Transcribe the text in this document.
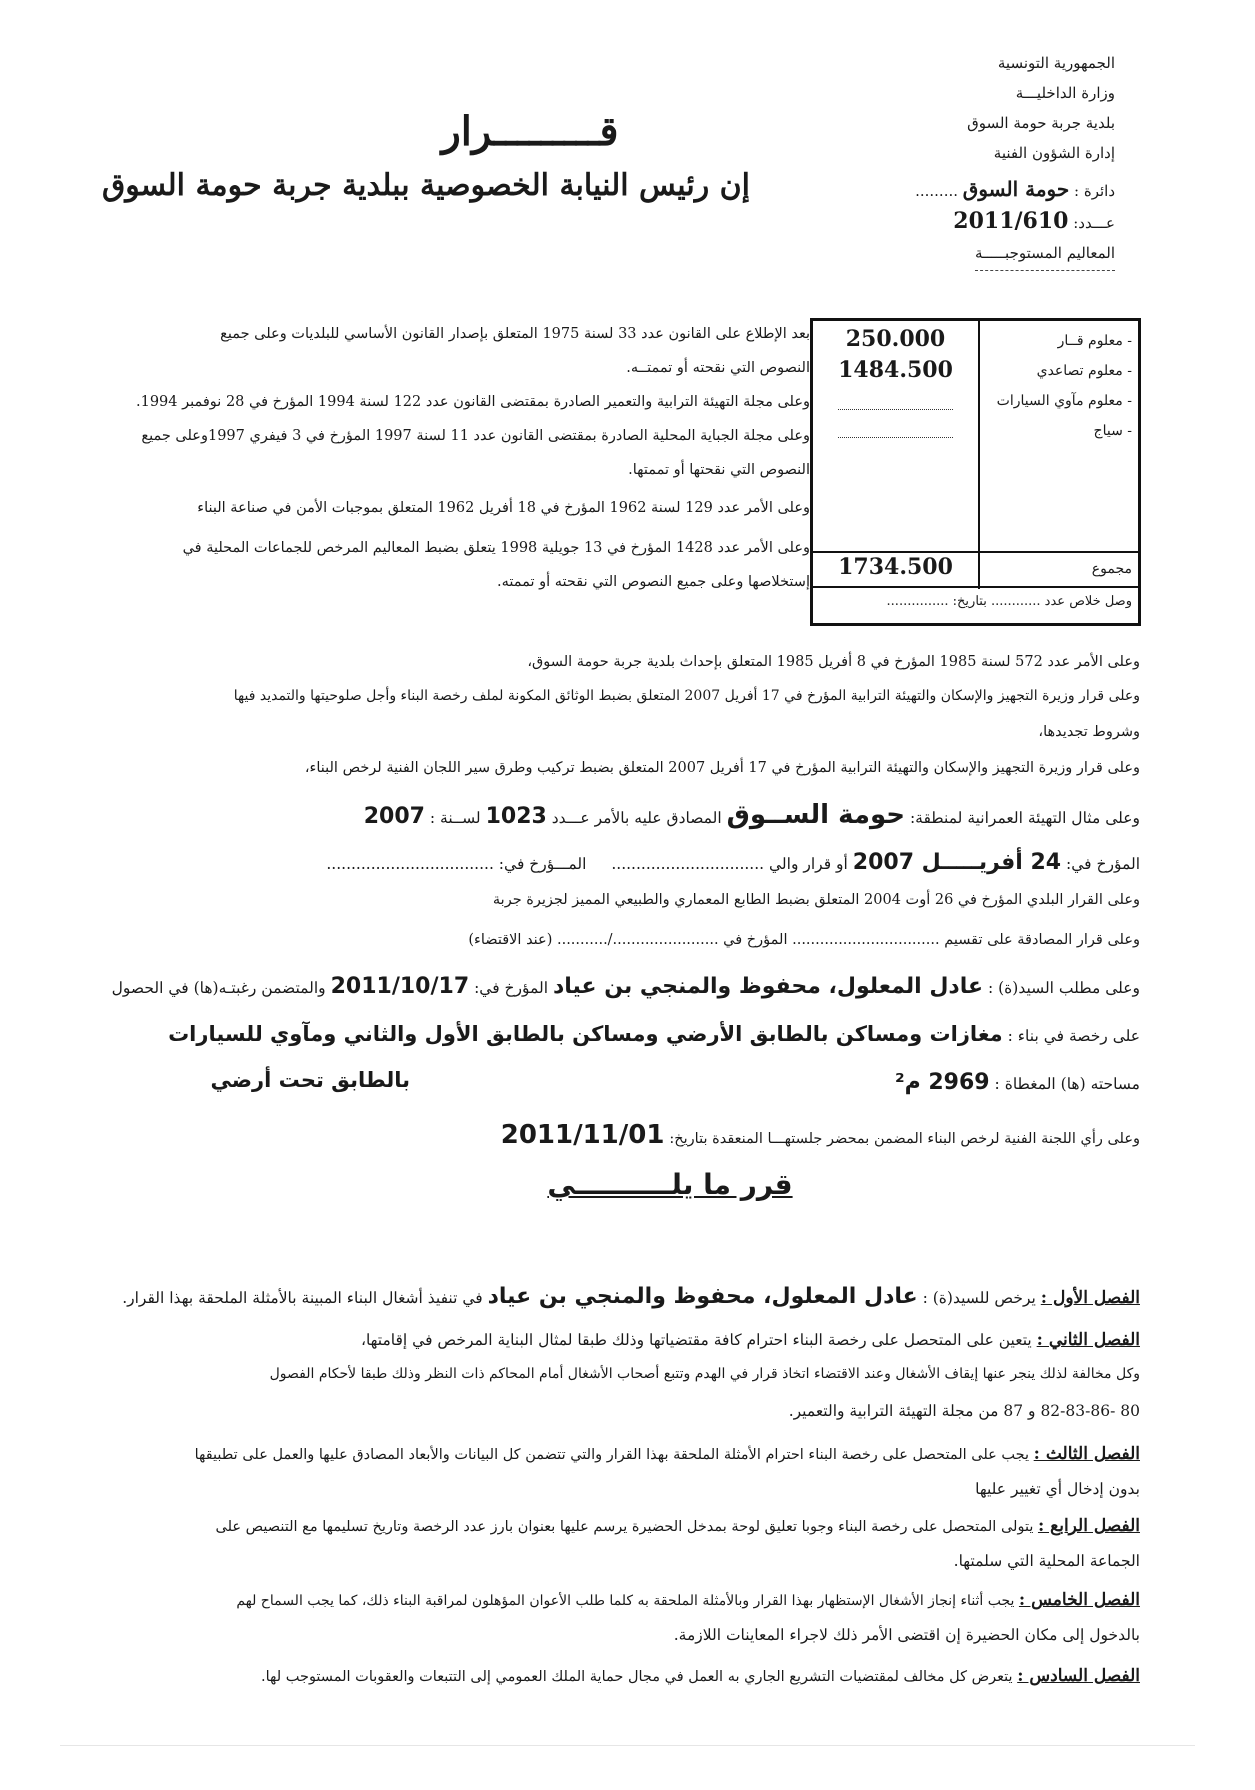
الجمهورية التونسية
وزارة الداخليـــة
بلدية جربة حومة السوق
إدارة الشؤون الفنية
دائرة : حومة السوق .........
عـــدد: 2011/610
المعاليم المستوجبـــــة
قـــــــــرار
إن رئيس النيابة الخصوصية ببلدية جربة حومة السوق
- معلوم قــار
250.000
- معلوم تصاعدي
1484.500
- معلوم مآوي السيارات
- سياج
مجموع
1734.500
وصل خلاص عدد ............ بتاريخ: ...............
بعد الإطلاع على القانون عدد 33 لسنة 1975 المتعلق بإصدار القانون الأساسي للبلديات وعلى جميع
النصوص التي نقحته أو تممتــه.
وعلى مجلة التهيئة الترابية والتعمير الصادرة بمقتضى القانون عدد 122 لسنة 1994 المؤرخ في 28 نوفمبر 1994.
وعلى مجلة الجباية المحلية الصادرة بمقتضى القانون عدد 11 لسنة 1997 المؤرخ في 3 فيفري 1997وعلى جميع
النصوص التي نقحتها أو تممتها.
وعلى الأمر عدد 129 لسنة 1962 المؤرخ في 18 أفريل 1962 المتعلق بموجبات الأمن في صناعة البناء
وعلى الأمر عدد 1428 المؤرخ في 13 جويلية 1998 يتعلق بضبط المعاليم المرخص للجماعات المحلية في
إستخلاصها وعلى جميع النصوص التي نقحته أو تممته.
وعلى الأمر عدد 572 لسنة 1985 المؤرخ في 8 أفريل 1985 المتعلق بإحداث بلدية جربة حومة السوق،
وعلى قرار وزيرة التجهيز والإسكان والتهيئة الترابية المؤرخ في 17 أفريل 2007 المتعلق بضبط الوثائق المكونة لملف رخصة البناء وأجل صلوحيتها والتمديد فيها
وشروط تجديدها،
وعلى قرار وزيرة التجهيز والإسكان والتهيئة الترابية المؤرخ في 17 أفريل 2007 المتعلق بضبط تركيب وطرق سير اللجان الفنية لرخص البناء،
وعلى مثال التهيئة العمرانية لمنطقة: حومة الســوق المصادق عليه بالأمر عـــدد 1023 لســنة : 2007
المؤرخ في: 24 أفريـــــل 2007 أو قرار والي ............................... المـــؤرخ في: ..................................
وعلى القرار البلدي المؤرخ في 26 أوت 2004 المتعلق بضبط الطابع المعماري والطبيعي المميز لجزيرة جربة
وعلى قرار المصادقة على تقسيم ................................ المؤرخ في ......................./........... (عند الاقتضاء)
وعلى مطلب السيد(ة) : عادل المعلول، محفوظ والمنجي بن عياد المؤرخ في: 2011/10/17 والمتضمن رغبتـه(ها) في الحصول
على رخصة في بناء : مغازات ومساكن بالطابق الأرضي ومساكن بالطابق الأول والثاني ومآوي للسيارات
مساحته (ها) المغطاة : 2969 م²
بالطابق تحت أرضي
وعلى رأي اللجنة الفنية لرخص البناء المضمن بمحضر جلستهـــا المنعقدة بتاريخ: 2011/11/01
قرر ما يلــــــــــي
الفصل الأول : يرخص للسيد(ة) : عادل المعلول، محفوظ والمنجي بن عياد في تنفيذ أشغال البناء المبينة بالأمثلة الملحقة بهذا القرار.
الفصل الثاني : يتعين على المتحصل على رخصة البناء احترام كافة مقتضياتها وذلك طبقا لمثال البناية المرخص في إقامتها،
وكل مخالفة لذلك ينجر عنها إيقاف الأشغال وعند الاقتضاء اتخاذ قرار في الهدم وتتبع أصحاب الأشغال أمام المحاكم ذات النظر وذلك طبقا لأحكام الفصول
80 -82-83-86 و 87 من مجلة التهيئة الترابية والتعمير.
الفصل الثالث : يجب على المتحصل على رخصة البناء احترام الأمثلة الملحقة بهذا القرار والتي تتضمن كل البيانات والأبعاد المصادق عليها والعمل على تطبيقها
بدون إدخال أي تغيير عليها
الفصل الرابع : يتولى المتحصل على رخصة البناء وجوبا تعليق لوحة بمدخل الحضيرة يرسم عليها بعنوان بارز عدد الرخصة وتاريخ تسليمها مع التنصيص على
الجماعة المحلية التي سلمتها.
الفصل الخامس : يجب أثناء إنجاز الأشغال الإستظهار بهذا القرار وبالأمثلة الملحقة به كلما طلب الأعوان المؤهلون لمراقبة البناء ذلك، كما يجب السماح لهم
بالدخول إلى مكان الحضيرة إن اقتضى الأمر ذلك لاجراء المعاينات اللازمة.
الفصل السادس : يتعرض كل مخالف لمقتضيات التشريع الجاري به العمل في مجال حماية الملك العمومي إلى التتبعات والعقوبات المستوجب لها.
